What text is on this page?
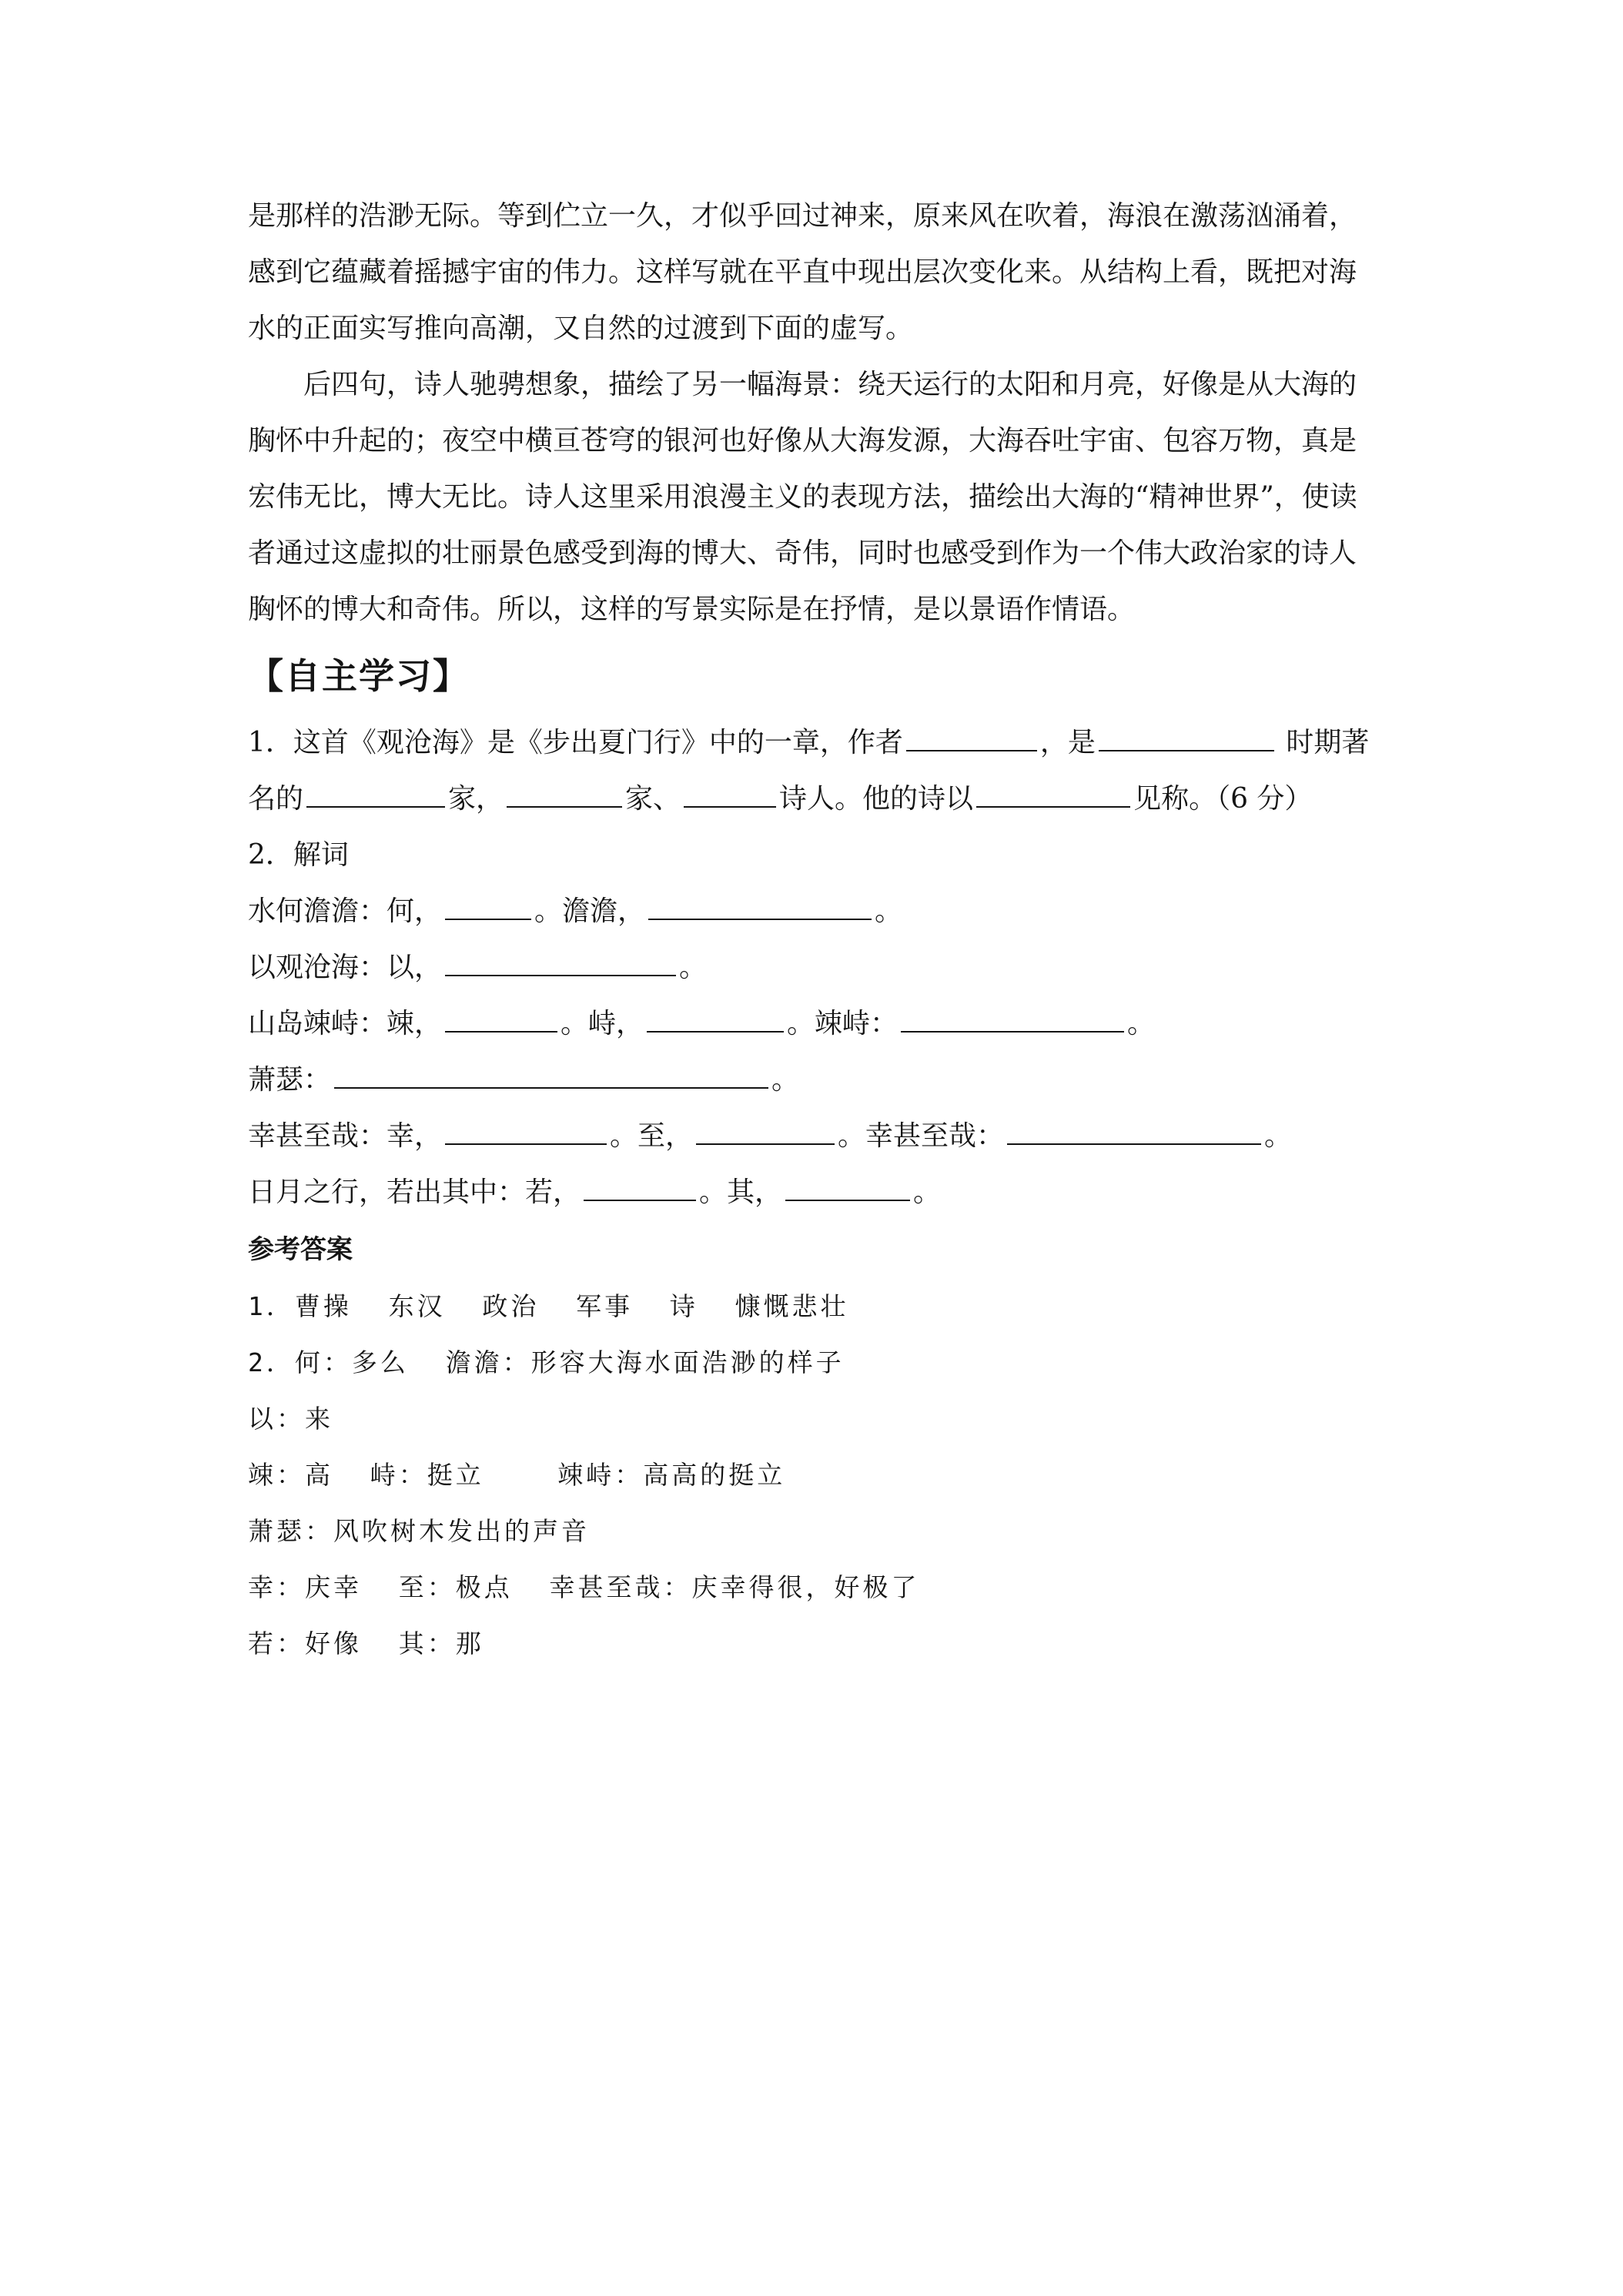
是那样的浩渺无际。等到伫立一久，才似乎回过神来，原来风在吹着，海浪在激荡汹涌着，
感到它蕴藏着摇撼宇宙的伟力。这样写就在平直中现出层次变化来。从结构上看，既把对海
水的正面实写推向高潮，又自然的过渡到下面的虚写。
后四句，诗人驰骋想象，描绘了另一幅海景：绕天运行的太阳和月亮，好像是从大海的
胸怀中升起的；夜空中横亘苍穹的银河也好像从大海发源，大海吞吐宇宙、包容万物，真是
宏伟无比，博大无比。诗人这里采用浪漫主义的表现方法，描绘出大海的“精神世界”，使读
者通过这虚拟的壮丽景色感受到海的博大、奇伟，同时也感受到作为一个伟大政治家的诗人
胸怀的博大和奇伟。所以，这样的写景实际是在抒情，是以景语作情语。
【自主学习】
1．这首《观沧海》是《步出夏门行》中的一章，作者	，是	时期著
名的	家，	家、	诗人。他的诗以	见称。（6 分）
2．解词
水何澹澹：何，	。澹澹，	。
以观沧海：以，	。
山岛竦峙：竦，	。峙，	。竦峙：	。
萧瑟：	。
幸甚至哉：幸，	。至，	。幸甚至哉：	。
日月之行，若出其中：若，	。其，	。
参考答案
1．曹操  东汉  政治  军事  诗  慷慨悲壮
2．何：多么  澹澹：形容大海水面浩渺的样子
以：来
竦：高  峙：挺立    竦峙：高高的挺立
萧瑟：风吹树木发出的声音
幸：庆幸  至：极点  幸甚至哉：庆幸得很，好极了
若：好像  其：那
